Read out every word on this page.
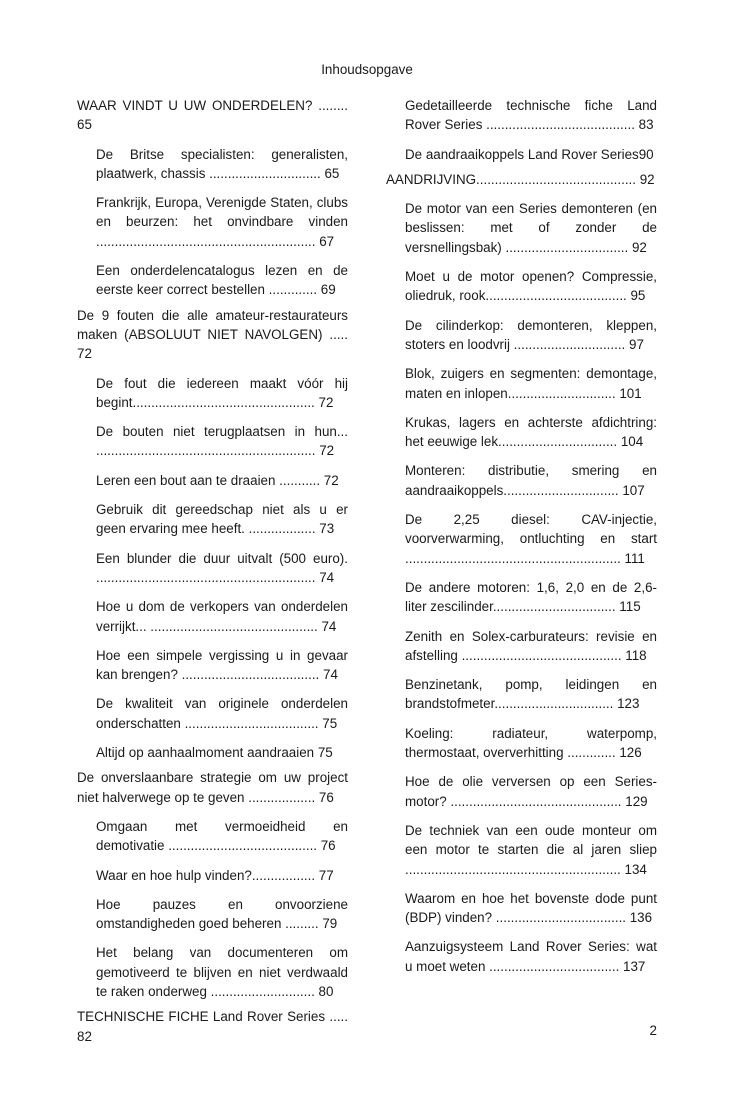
Inhoudsopgave
WAAR VINDT U UW ONDERDELEN? ........ 65
De Britse specialisten: generalisten, plaatwerk, chassis .............................. 65
Frankrijk, Europa, Verenigde Staten, clubs en beurzen: het onvindbare vinden ........................................................... 67
Een onderdelencatalogus lezen en de eerste keer correct bestellen ............. 69
De 9 fouten die alle amateur-restaurateurs maken (ABSOLUUT NIET NAVOLGEN) ..... 72
De fout die iedereen maakt vóór hij begint................................................. 72
De bouten niet terugplaatsen in hun... ........................................................... 72
Leren een bout aan te draaien ........... 72
Gebruik dit gereedschap niet als u er geen ervaring mee heeft. .................. 73
Een blunder die duur uitvalt (500 euro). ........................................................... 74
Hoe u dom de verkopers van onderdelen verrijkt... ............................................. 74
Hoe een simpele vergissing u in gevaar kan brengen? ..................................... 74
De kwaliteit van originele onderdelen onderschatten .................................... 75
Altijd op aanhaalmoment aandraaien 75
De onverslaanbare strategie om uw project niet halverwege op te geven .................. 76
Omgaan met vermoeidheid en demotivatie ........................................ 76
Waar en hoe hulp vinden?................. 77
Hoe pauzes en onvoorziene omstandigheden goed beheren ......... 79
Het belang van documenteren om gemotiveerd te blijven en niet verdwaald te raken onderweg ............................ 80
TECHNISCHE FICHE Land Rover Series ..... 82
Gedetailleerde technische fiche Land Rover Series ........................................ 83
De aandraaikoppels Land Rover Series90
AANDRIJVING........................................... 92
De motor van een Series demonteren (en beslissen: met of zonder de versnellingsbak) ................................. 92
Moet u de motor openen? Compressie, oliedruk, rook...................................... 95
De cilinderkop: demonteren, kleppen, stoters en loodvrij .............................. 97
Blok, zuigers en segmenten: demontage, maten en inlopen............................. 101
Krukas, lagers en achterste afdichtring: het eeuwige lek................................ 104
Monteren: distributie, smering en aandraaikoppels............................... 107
De 2,25 diesel: CAV-injectie, voorverwarming, ontluchting en start .......................................................... 111
De andere motoren: 1,6, 2,0 en de 2,6-liter zescilinder................................. 115
Zenith en Solex-carburateurs: revisie en afstelling ........................................... 118
Benzinetank, pomp, leidingen en brandstofmeter................................ 123
Koeling: radiateur, waterpomp, thermostaat, oververhitting ............. 126
Hoe de olie verversen op een Series-motor? .............................................. 129
De techniek van een oude monteur om een motor te starten die al jaren sliep .......................................................... 134
Waarom en hoe het bovenste dode punt (BDP) vinden? ................................... 136
Aanzuigsysteem Land Rover Series: wat u moet weten ................................... 137
2
